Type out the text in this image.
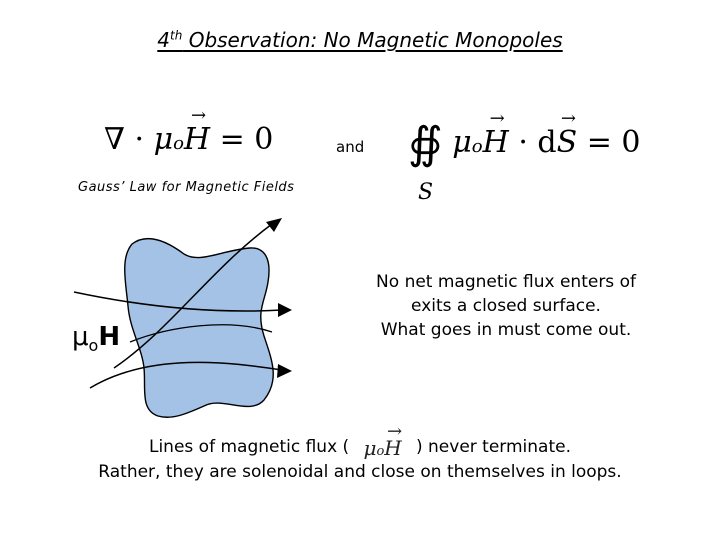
4th Observation: No Magnetic Monopoles
∇ · μo→ H = 0	and ∯ μo→ H · d→ S = 0
S
Gauss’ Law for Magnetic Fields
$\mu_oH$
No net magnetic flux enters of
exits a closed surface.
What goes in must come out.
Lines of magnetic flux ( μo→ H ) never terminate.
Rather, they are solenoidal and close on themselves in loops.
